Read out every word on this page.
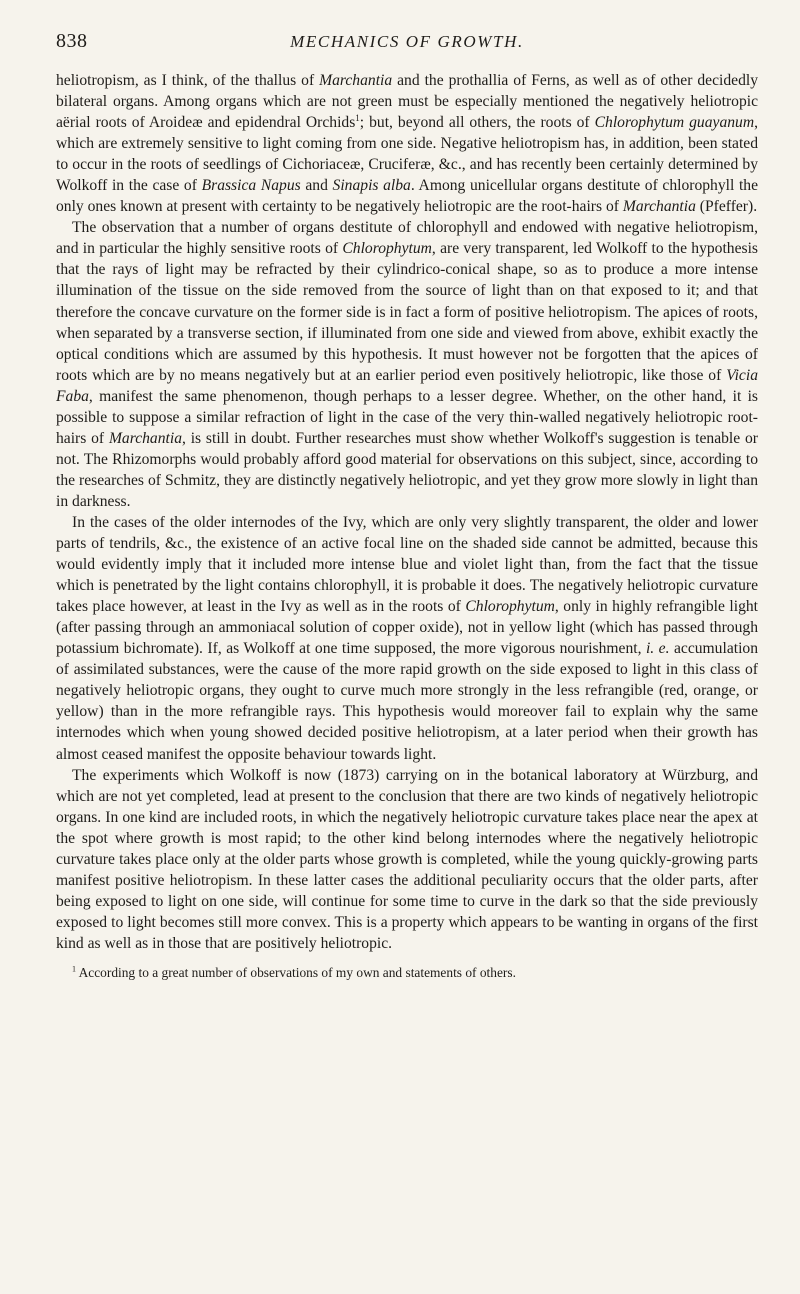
838	MECHANICS OF GROWTH.

heliotropism, as I think, of the thallus of Marchantia and the prothallia of Ferns, as well as of other decidedly bilateral organs. Among organs which are not green must be especially mentioned the negatively heliotropic aërial roots of Aroideæ and epidendral Orchids$^1$; but, beyond all others, the roots of Chlorophytum guayanum, which are extremely sensitive to light coming from one side. Negative heliotropism has, in addition, been stated to occur in the roots of seedlings of Cichoriaceæ, Cruciferæ, &c., and has recently been certainly determined by Wolkoff in the case of Brassica Napus and Sinapis alba. Among unicellular organs destitute of chlorophyll the only ones known at present with certainty to be negatively heliotropic are the root-hairs of Marchantia (Pfeffer).

The observation that a number of organs destitute of chlorophyll and endowed with negative heliotropism, and in particular the highly sensitive roots of Chlorophytum, are very transparent, led Wolkoff to the hypothesis that the rays of light may be refracted by their cylindrico-conical shape, so as to produce a more intense illumination of the tissue on the side removed from the source of light than on that exposed to it; and that therefore the concave curvature on the former side is in fact a form of positive heliotropism. The apices of roots, when separated by a transverse section, if illuminated from one side and viewed from above, exhibit exactly the optical conditions which are assumed by this hypothesis. It must however not be forgotten that the apices of roots which are by no means negatively but at an earlier period even positively heliotropic, like those of Vicia Faba, manifest the same phenomenon, though perhaps to a lesser degree. Whether, on the other hand, it is possible to suppose a similar refraction of light in the case of the very thin-walled negatively heliotropic root-hairs of Marchantia, is still in doubt. Further researches must show whether Wolkoff's suggestion is tenable or not. The Rhizomorphs would probably afford good material for observations on this subject, since, according to the researches of Schmitz, they are distinctly negatively heliotropic, and yet they grow more slowly in light than in darkness.

In the cases of the older internodes of the Ivy, which are only very slightly transparent, the older and lower parts of tendrils, &c., the existence of an active focal line on the shaded side cannot be admitted, because this would evidently imply that it included more intense blue and violet light than, from the fact that the tissue which is penetrated by the light contains chlorophyll, it is probable it does. The negatively heliotropic curvature takes place however, at least in the Ivy as well as in the roots of Chlorophytum, only in highly refrangible light (after passing through an ammoniacal solution of copper oxide), not in yellow light (which has passed through potassium bichromate). If, as Wolkoff at one time supposed, the more vigorous nourishment, i. e. accumulation of assimilated substances, were the cause of the more rapid growth on the side exposed to light in this class of negatively heliotropic organs, they ought to curve much more strongly in the less refrangible (red, orange, or yellow) than in the more refrangible rays. This hypothesis would moreover fail to explain why the same internodes which when young showed decided positive heliotropism, at a later period when their growth has almost ceased manifest the opposite behaviour towards light.

The experiments which Wolkoff is now (1873) carrying on in the botanical laboratory at Würzburg, and which are not yet completed, lead at present to the conclusion that there are two kinds of negatively heliotropic organs. In one kind are included roots, in which the negatively heliotropic curvature takes place near the apex at the spot where growth is most rapid; to the other kind belong internodes where the negatively heliotropic curvature takes place only at the older parts whose growth is completed, while the young quickly-growing parts manifest positive heliotropism. In these latter cases the additional peculiarity occurs that the older parts, after being exposed to light on one side, will continue for some time to curve in the dark so that the side previously exposed to light becomes still more convex. This is a property which appears to be wanting in organs of the first kind as well as in those that are positively heliotropic.

$^1$ According to a great number of observations of my own and statements of others.
